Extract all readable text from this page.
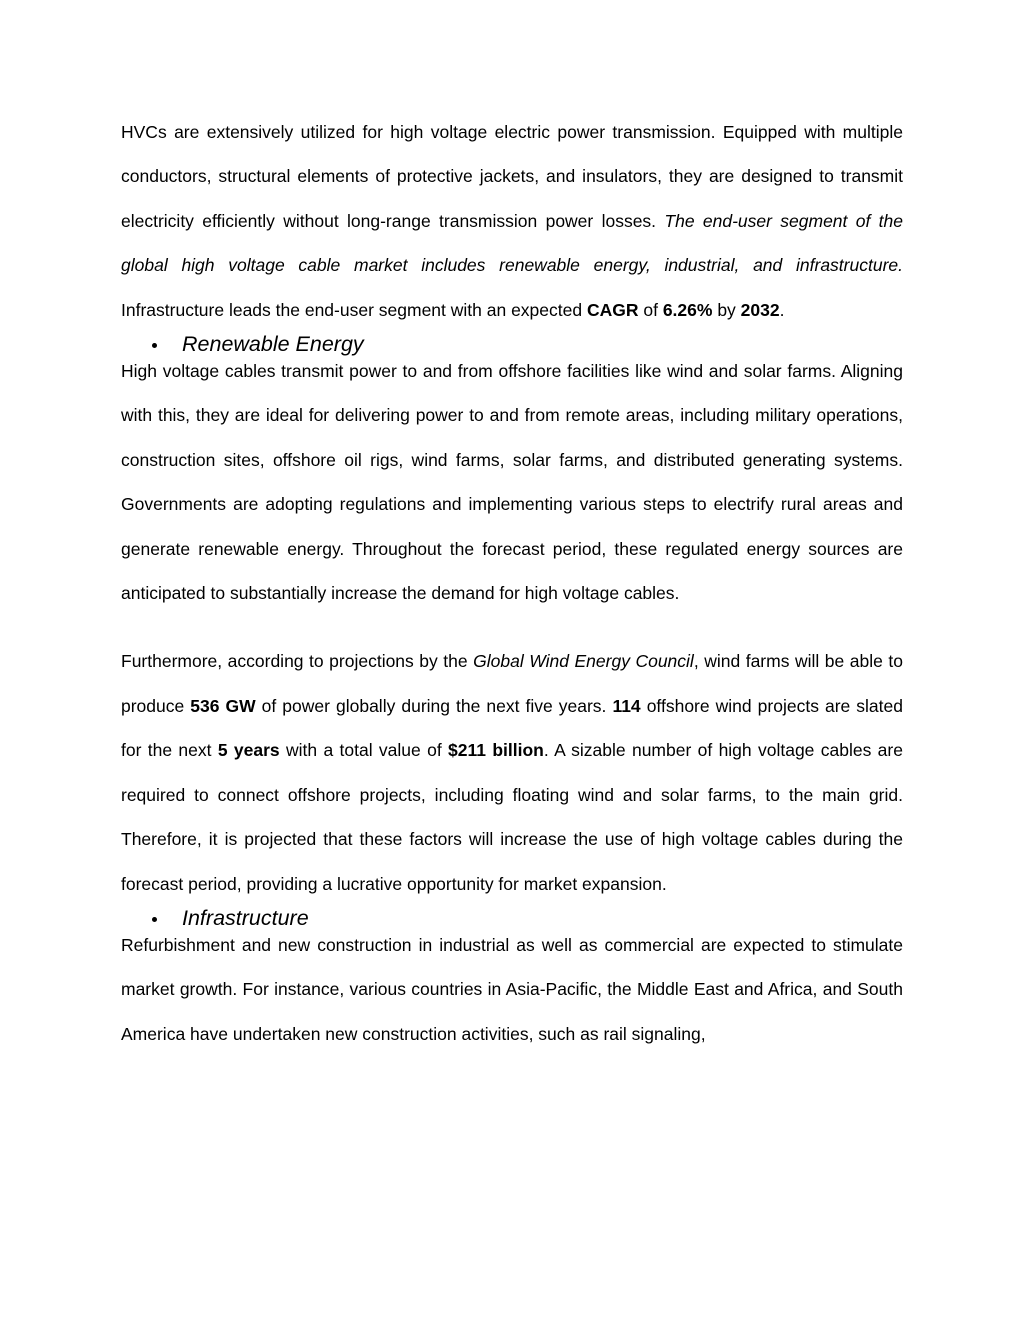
HVCs are extensively utilized for high voltage electric power transmission. Equipped with multiple conductors, structural elements of protective jackets, and insulators, they are designed to transmit electricity efficiently without long-range transmission power losses. The end-user segment of the global high voltage cable market includes renewable energy, industrial, and infrastructure. Infrastructure leads the end-user segment with an expected CAGR of 6.26% by 2032.

Renewable Energy

High voltage cables transmit power to and from offshore facilities like wind and solar farms. Aligning with this, they are ideal for delivering power to and from remote areas, including military operations, construction sites, offshore oil rigs, wind farms, solar farms, and distributed generating systems. Governments are adopting regulations and implementing various steps to electrify rural areas and generate renewable energy. Throughout the forecast period, these regulated energy sources are anticipated to substantially increase the demand for high voltage cables.

Furthermore, according to projections by the Global Wind Energy Council, wind farms will be able to produce 536 GW of power globally during the next five years. 114 offshore wind projects are slated for the next 5 years with a total value of $211 billion. A sizable number of high voltage cables are required to connect offshore projects, including floating wind and solar farms, to the main grid. Therefore, it is projected that these factors will increase the use of high voltage cables during the forecast period, providing a lucrative opportunity for market expansion.

Infrastructure

Refurbishment and new construction in industrial as well as commercial are expected to stimulate market growth. For instance, various countries in Asia-Pacific, the Middle East and Africa, and South America have undertaken new construction activities, such as rail signaling,
